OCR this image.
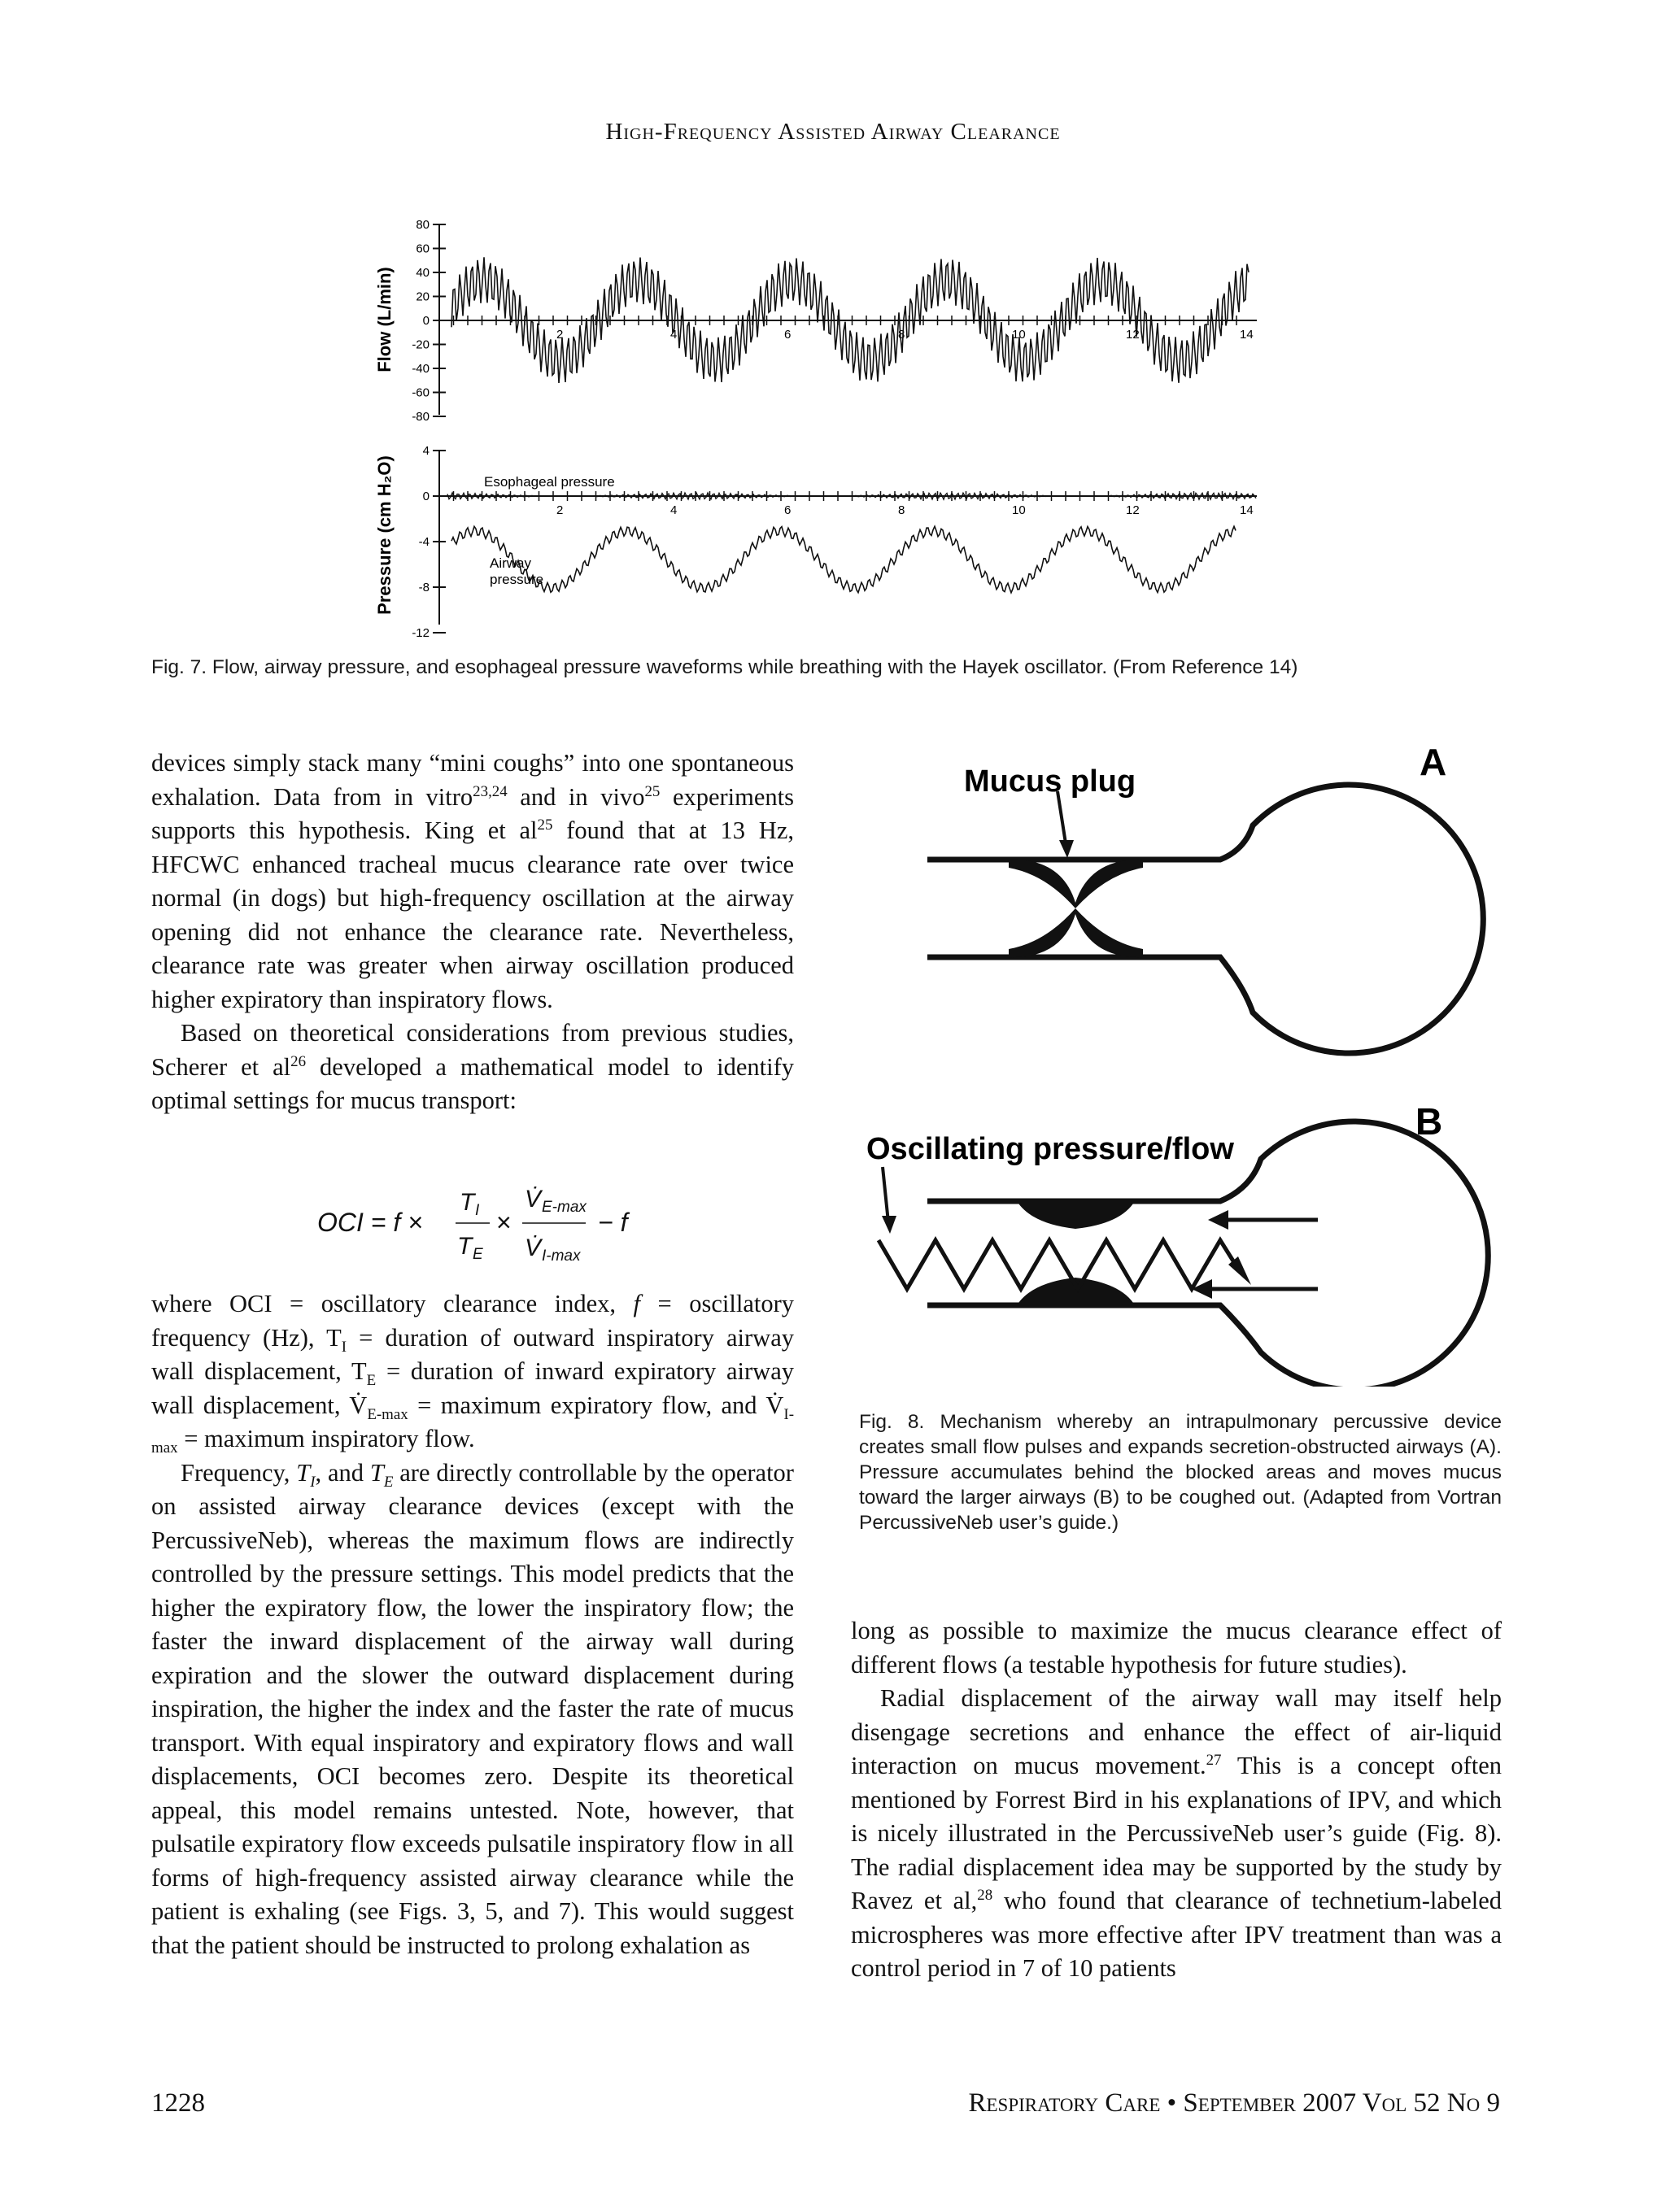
High-Frequency Assisted Airway Clearance
80
60
40
20
0
-20
-40
-60
-80
4
0
-4
-8
-12
2
2
4
4
6
6
8
8
10
10
12
12
14
14
Flow (L/min)
Pressure (cm H₂O)	Esophageal pressure
Airway
pressure
Fig. 7. Flow, airway pressure, and esophageal pressure waveforms while breathing with the Hayek oscillator. (From Reference 14)

devices simply stack many “mini coughs” into one spontaneous exhalation. Data from in vitro$^{23,24}$ and in vivo$^{25}$ experiments supports this hypothesis. King et $al^{25}$ found that at 13 Hz, HFCWC enhanced tracheal mucus clearance rate over twice normal (in dogs) but high-frequency oscillation at the airway opening did not enhance the clearance rate. Nevertheless, clearance rate was greater when airway oscillation produced higher expiratory than inspiratory flows.

Based on theoretical considerations from previous studies, Scherer et $al^{26}$ developed a mathematical model to identify optimal settings for mucus transport:

OCI = f ×
T I
T E
×
V̇ E-max
V̇ I-max
− f

where OCI = oscillatory clearance index, f = oscillatory frequency (Hz), $T_I$ = duration of outward inspiratory airway wall displacement, $T_E$ = duration of inward expiratory airway wall displacement, $V̇_{E-max}$ = maximum expiratory flow, and $V̇_{I-max}$ = maximum inspiratory flow.

Frequency, $T_I$, and $T_E$ are directly controllable by the operator on assisted airway clearance devices (except with the PercussiveNeb), whereas the maximum flows are indirectly controlled by the pressure settings. This model predicts that the higher the expiratory flow, the lower the inspiratory flow; the faster the inward displacement of the airway wall during expiration and the slower the outward displacement during inspiration, the higher the index and the faster the rate of mucus transport. With equal inspiratory and expiratory flows and wall displacements, OCI becomes zero. Despite its theoretical appeal, this model remains untested. Note, however, that pulsatile expiratory flow exceeds pulsatile inspiratory flow in all forms of high-frequency assisted airway clearance while the patient is exhaling (see Figs. 3, 5, and 7). This would suggest that the patient should be instructed to prolong exhalation as

Mucus plug
Oscillating pressure/flow
A
B
Fig. 8. Mechanism whereby an intrapulmonary percussive device creates small flow pulses and expands secretion-obstructed airways (A). Pressure accumulates behind the blocked areas and moves mucus toward the larger airways (B) to be coughed out. (Adapted from Vortran PercussiveNeb user’s guide.)

long as possible to maximize the mucus clearance effect of different flows (a testable hypothesis for future studies).

Radial displacement of the airway wall may itself help disengage secretions and enhance the effect of air-liquid interaction on mucus movement.$^{27}$ This is a concept often mentioned by Forrest Bird in his explanations of IPV, and which is nicely illustrated in the PercussiveNeb user’s guide (Fig. 8). The radial displacement idea may be supported by the study by Ravez et al,$^{28}$ who found that clearance of technetium-labeled microspheres was more effective after IPV treatment than was a control period in 7 of 10 patients

1228	Respiratory Care • September 2007 Vol 52 No 9
